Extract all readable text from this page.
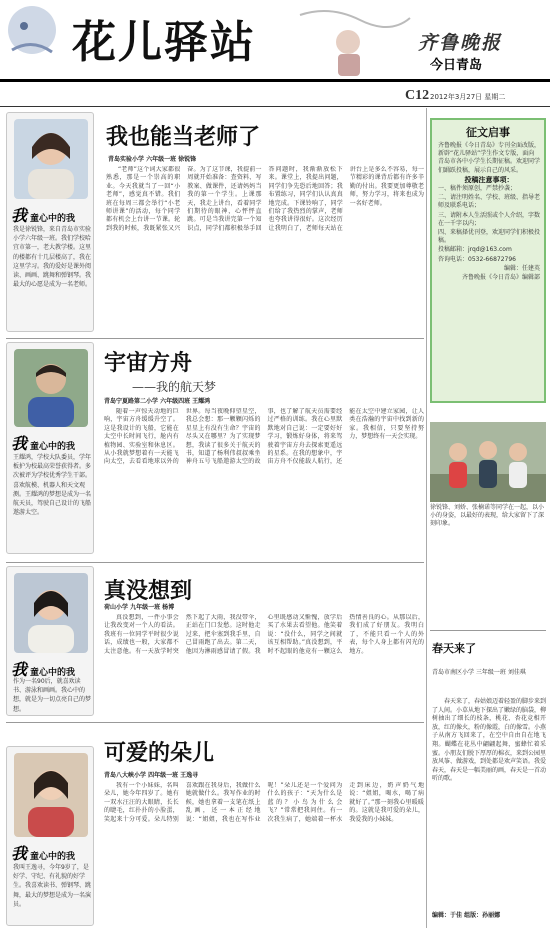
花儿驿站	齐鲁晚报
今日青岛
C12 2012年3月27日 星期二
我童心中的我
我是徐锐锋，来自青岛市实验小学六年级一班。我们学校哈宜市第一，老大教学楼。这里的楼都有十几层楼高了，我在这里学习。我的爱好是课外阅读、画画、跳舞和弹钢琴。我最大的心愿是成为一名老师。
我也能当老师了
青岛实验小学 六年级一班 徐锐锋
“老师”这个词大家都很熟悉，那是一个崇高的职业。今天我就当了一回“小老师”，感觉真不错。我们班在每周三都会举行“小老师讲课”的活动，每个同学都有机会上台讲一节课。轮到我的时候，我既紧张又兴奋。为了这节课，我提前一周就开始准备：查资料、写教案、做课件，还请妈妈当我的第一个学生。上课那天，我走上讲台，看着同学们期待的眼神，心怦怦直跳。可是当我讲完第一个知识点，同学们都积极举手回答问题时，我渐渐放松下来。课堂上，我提出问题，同学们争先恐后地回答；我布置练习，同学们认认真真地完成。下课铃响了，同学们给了我热烈的掌声，老师也夸我讲得很好。这次经历让我明白了，老师每天站在讲台上是多么不容易，每一节精彩的课背后都有许多辛勤的付出。我要更加尊敬老师，努力学习，将来也成为一名好老师。
我童心中的我
王耀鸿，学校大队委员，学年板护为校最高荣誉获得者。多次被评为学校优秀学生干部。喜欢航模、机器人和天文观测。王耀鸿的梦想是成为一名航天员，驾驶自己设计的飞船遨游太空。
宇宙方舟
——我的航天梦
青岛宁夏路第二小学 六年级四班 王耀鸿
随着一声惊天动地的巨响，宇宙方舟缓缓升空了。这是我设计的飞船，它能在太空中长时间飞行，舱内有植物园、实验室和休息区。从小我就梦想着有一天能飞向太空，去看看地球以外的世界。每当夜晚仰望星空，我总会想：那一颗颗闪烁的星星上有没有生命？宇宙的尽头又在哪里？为了实现梦想，我读了很多关于航天的书，知道了杨利伟叔叔乘坐神舟五号飞船遨游太空的故事，也了解了航天员需要经过严格的训练。我在心里默默地对自己说：一定要好好学习，锻炼好身体，将来驾驶着宇宙方舟去探索更遥远的星系。在我的想象中，宇宙方舟不仅能载人航行，还能在太空中建立家园，让人类在浩瀚的宇宙中找到新的家。我相信，只要坚持努力，梦想终有一天会实现。
我童心中的我
作为一名90后，就喜欢读书、游泳和画画。我心中的想，就是为一切点亮自己的梦想。
真没想到
荷山小学 九年级一班 杨博
真没想到，一件小事会让我改变对一个人的看法。我班有一位同学平时很少说话，成绩也一般，大家都不太注意他。有一天放学时突然下起了大雨，我没带伞，正站在门口发愁。这时他走过来，把伞塞到我手里，自己冒雨跑了出去。第二天，他因为淋雨感冒请了假。我心里既感动又惭愧，放学后买了水果去看望他。他笑着说：“没什么，同学之间就该互相帮助。”真没想到，平时不起眼的他竟有一颗这么热情善良的心。从那以后，我们成了好朋友。我明白了，不能只看一个人的外表，每个人身上都有闪光的地方。
我童心中的我
我叫王逸寻，今年9岁了，是好学、守纪、有礼貌的好学生。我喜欢读书、弹钢琴、跳舞，最大的梦想是成为一名演员。
可爱的朵儿
青岛八大峡小学 四年级一班 王逸寻
我有一个小妹妹，名叫朵儿，她今年四岁了。她有一双水汪汪的大眼睛，长长的睫毛，红扑扑的小脸蛋，笑起来十分可爱。朵儿特别喜欢跟在我身后，我做什么她就做什么。我写作业的时候，她也拿着一支笔在纸上乱画，还一本正经地说：“姐姐，我也在写作业呢！”朵儿还是一个爱问为什么的孩子：“天为什么是蓝的？小鸟为什么会飞？”常常把我问住。有一次我生病了，她端着一杯水走到床边，奶声奶气地说：“姐姐，喝水，喝了病就好了。”那一刻我心里暖暖的。这就是我可爱的朵儿，我爱我的小妹妹。
征文启事

齐鲁晚报《今日青岛》专刊全面改版，新辟“花儿驿站”学生作文专版，面向青岛市各中小学生长期征稿。欢迎同学们踊跃投稿，展示自己的风采。

投稿注意事项：

一、稿件须原创，严禁抄袭；

二、请注明姓名、学校、班级、指导老师及联系电话；

三、请附本人生活照或个人介绍，字数在一千字以内；

四、来稿择优刊登，欢迎同学们积极投稿。

投稿邮箱：jrqd@163.com

咨询电话：0532-66872796

编辑：任建英

齐鲁晚报《今日青岛》编辑部

徐锐锋、刘娇、张楠诺等同学在一起，以小小的身姿，以最好的表现，给大家留下了深刻印象。
春天来了
青岛市南区小学 三年级一班 刘佳琪
春天来了，春姑娘迈着轻盈的脚步来到了人间。小草从地下探出了嫩绿的脑袋，柳树抽出了细长的枝条，桃花、杏花竞相开放，红的像火，粉的像霞，白的像雪。小燕子从南方飞回来了，在空中自由自在地飞翔。蝴蝶在花丛中翩翩起舞，蜜蜂忙着采蜜。小朋友们脱下厚厚的棉衣，来到公园里放风筝、做游戏，到处都是欢声笑语。我爱春天，春天是一幅美丽的画，春天是一首动听的歌。
编辑：于佳 组版：孙丽娜
